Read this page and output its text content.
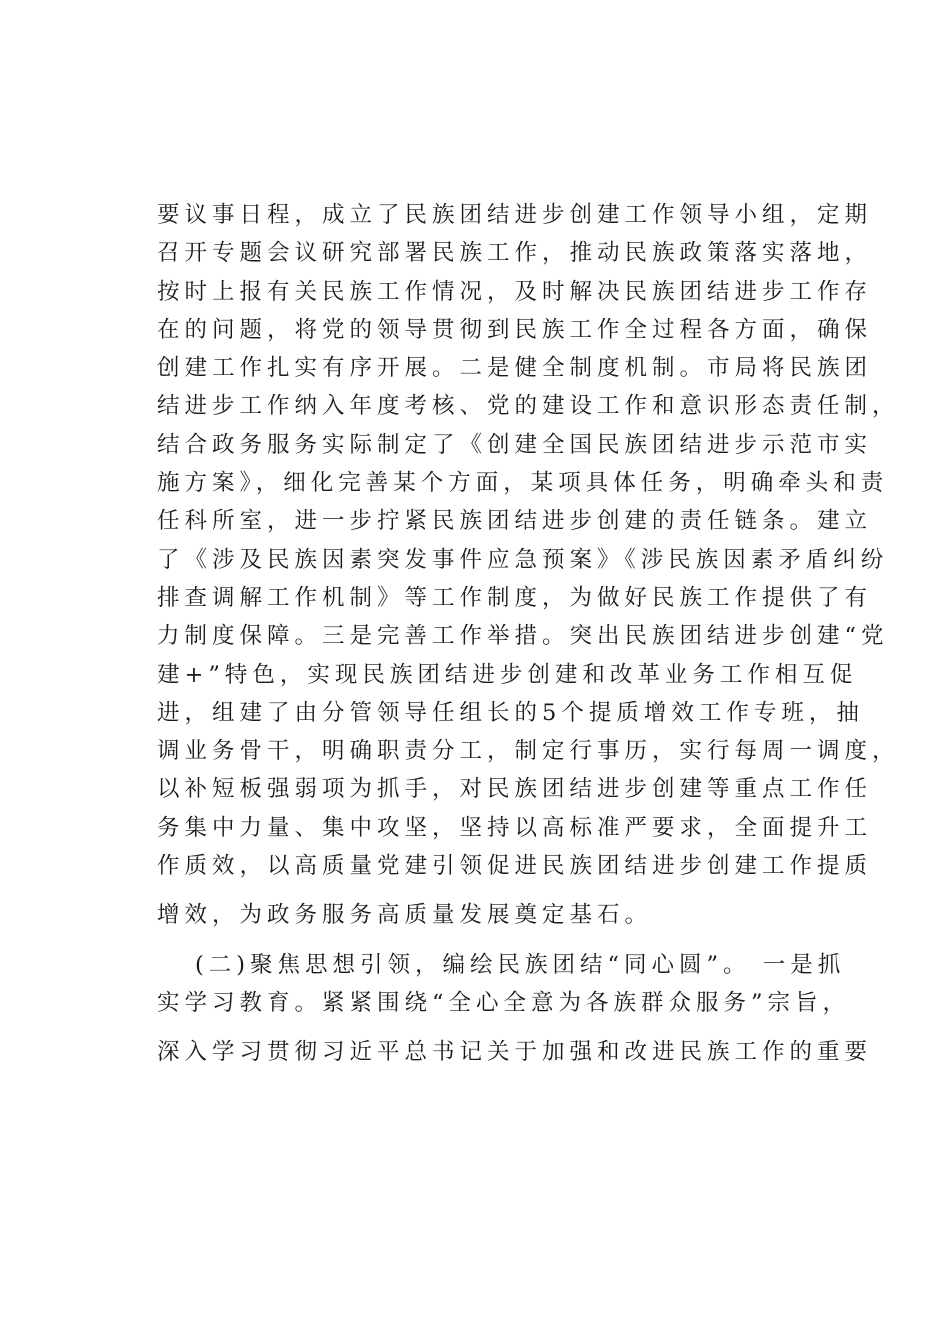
要议事日程，成立了民族团结进步创建工作领导小组，定期
召开专题会议研究部署民族工作，推动民族政策落实落地，
按时上报有关民族工作情况，及时解决民族团结进步工作存
在的问题，将党的领导贯彻到民族工作全过程各方面，确保
创建工作扎实有序开展。二是健全制度机制。市局将民族团
结进步工作纳入年度考核、党的建设工作和意识形态责任制，
结合政务服务实际制定了《创建全国民族团结进步示范市实
施方案》，细化完善某个方面，某项具体任务，明确牵头和责
任科所室，进一步拧紧民族团结进步创建的责任链条。建立
了《涉及民族因素突发事件应急预案》《涉民族因素矛盾纠纷
排查调解工作机制》等工作制度，为做好民族工作提供了有
力制度保障。三是完善工作举措。突出民族团结进步创建“党
建+”特色，实现民族团结进步创建和改革业务工作相互促
进，组建了由分管领导任组长的5个提质增效工作专班，抽
调业务骨干，明确职责分工，制定行事历，实行每周一调度，
以补短板强弱项为抓手，对民族团结进步创建等重点工作任
务集中力量、集中攻坚，坚持以高标准严要求，全面提升工
作质效，以高质量党建引领促进民族团结进步创建工作提质
增效，为政务服务高质量发展奠定基石。
(二)聚焦思想引领，编绘民族团结“同心圆”。 一是抓
实学习教育。紧紧围绕“全心全意为各族群众服务”宗旨，
深入学习贯彻习近平总书记关于加强和改进民族工作的重要
